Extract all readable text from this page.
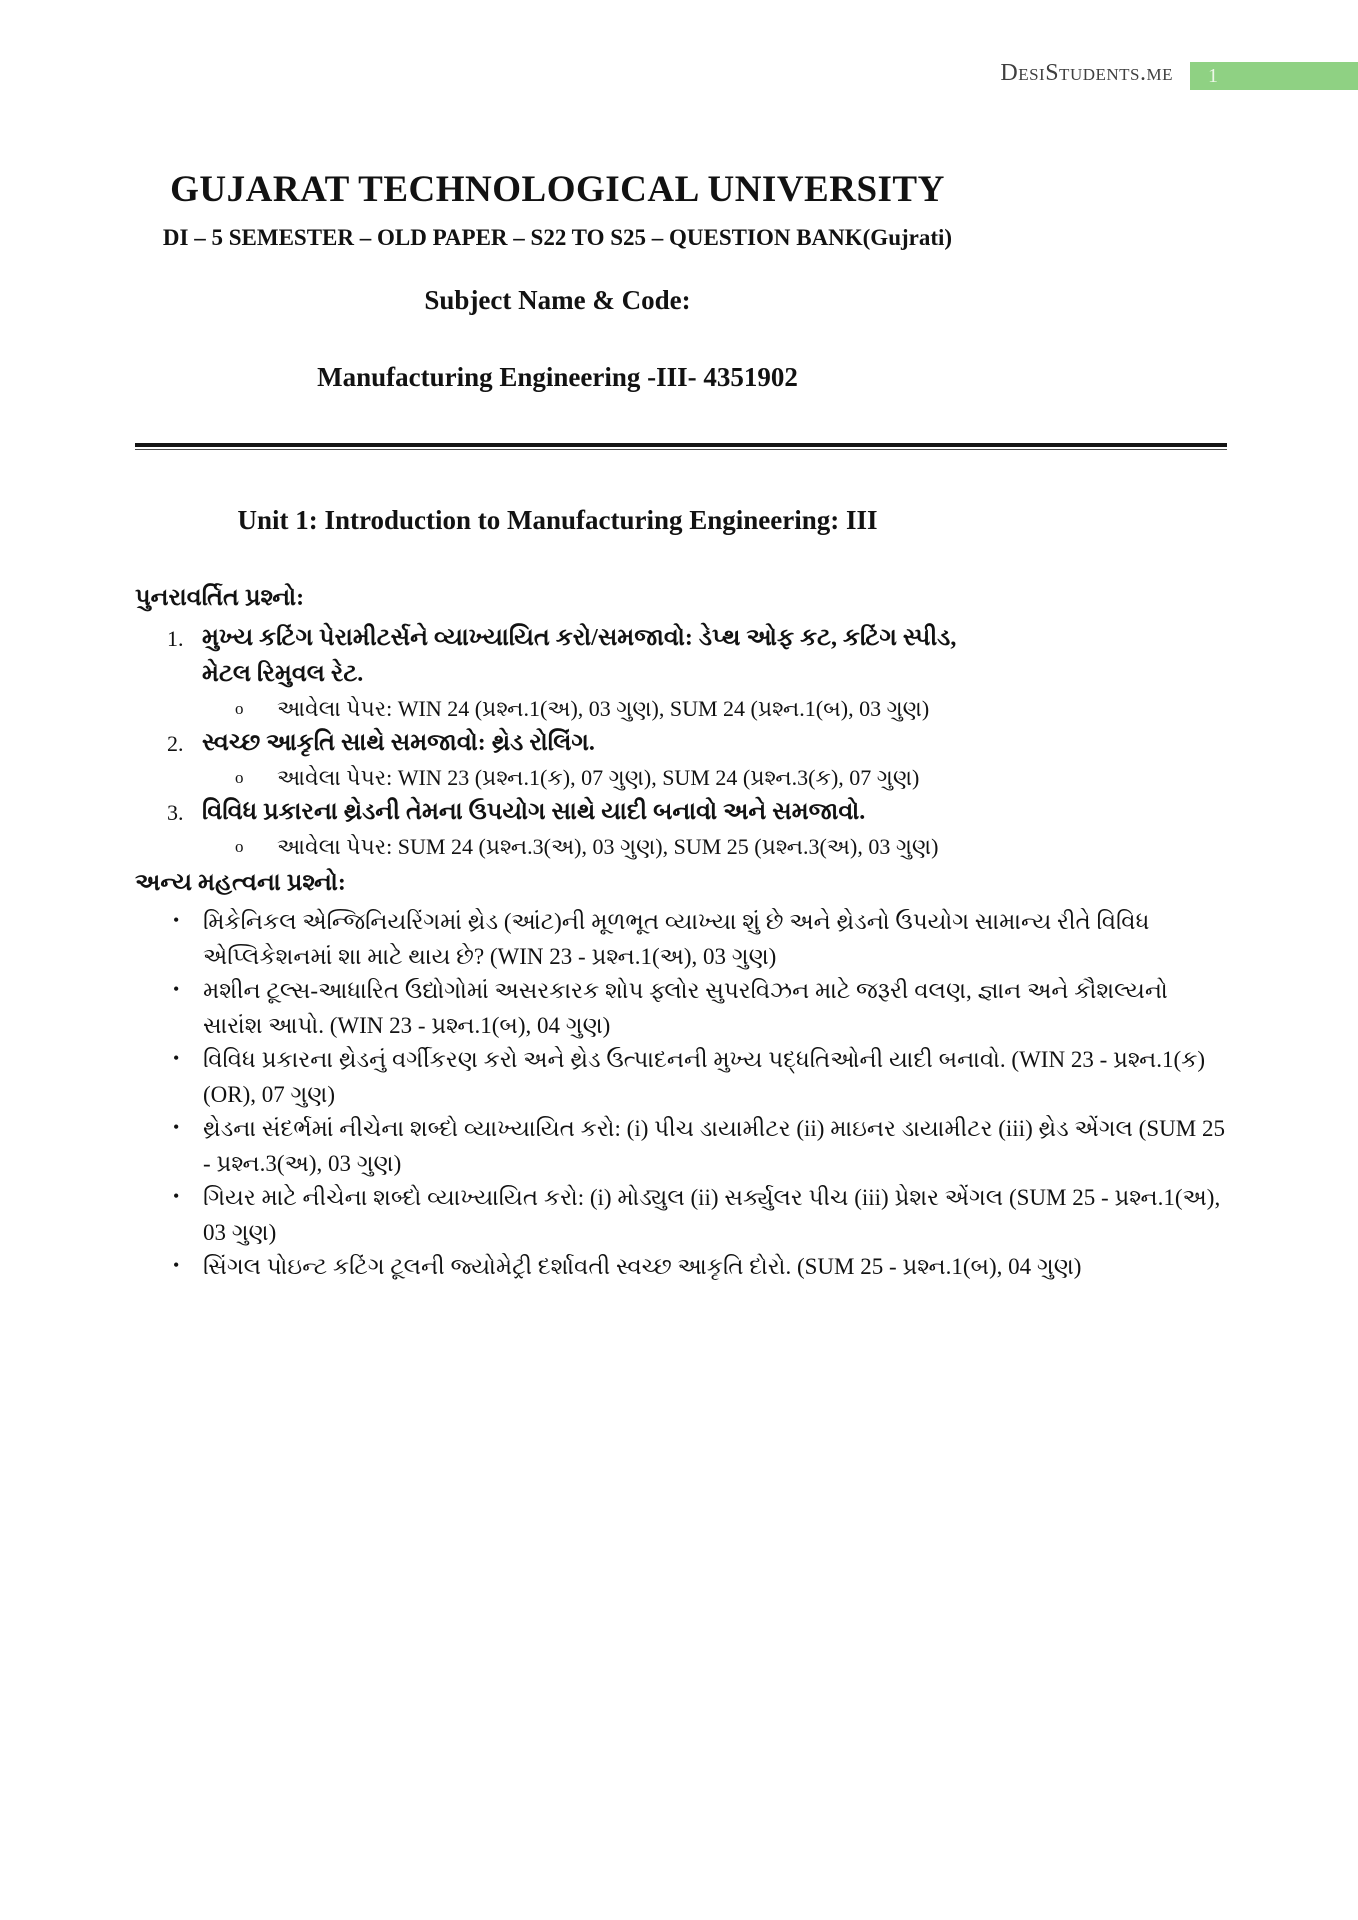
DesiStudents.me	1
GUJARAT TECHNOLOGICAL UNIVERSITY
DI – 5 SEMESTER – OLD PAPER – S22 TO S25 – QUESTION BANK(Gujrati)
Subject Name & Code:
Manufacturing Engineering -III- 4351902
Unit 1: Introduction to Manufacturing Engineering: III
પુનરાવર્તિત પ્રશ્નો:
1. મુખ્ય કટિંગ પેરામીટર્સને વ્યાખ્યાયિત કરો/સમજાવો: ડેપ્થ ઓફ કટ, કટિંગ સ્પીડ, મેટલ રિમુવલ રેટ.
o	આવેલા પેપર: WIN 24 (પ્રશ્ન.1(અ), 03 ગુણ), SUM 24 (પ્રશ્ન.1(બ), 03 ગુણ)
2. સ્વચ્છ આકૃતિ સાથે સમજાવો: થ્રેડ રોલિંગ.
o	આવેલા પેપર: WIN 23 (પ્રશ્ન.1(ક), 07 ગુણ), SUM 24 (પ્રશ્ન.3(ક), 07 ગુણ)
3. વિવિધ પ્રકારના થ્રેડની તેમના ઉપયોગ સાથે યાદી બનાવો અને સમજાવો.
o	આવેલા પેપર: SUM 24 (પ્રશ્ન.3(અ), 03 ગુણ), SUM 25 (પ્રશ્ન.3(અ), 03 ગુણ)
અન્ય મહત્વના પ્રશ્નો:
•	મિકેનિકલ એન્જિનિયરિંગમાં થ્રેડ (આંટ)ની મૂળભૂત વ્યાખ્યા શું છે અને થ્રેડનો ઉપયોગ સામાન્ય રીતે વિવિધ એપ્લિકેશનમાં શા માટે થાય છે? (WIN 23 - પ્રશ્ન.1(અ), 03 ગુણ)
•	મશીન ટૂલ્સ-આધારિત ઉદ્યોગોમાં અસરકારક શોપ ફ્લોર સુપરવિઝન માટે જરૂરી વલણ, જ્ઞાન અને કૌશલ્યનો સારાંશ આપો. (WIN 23 - પ્રશ્ન.1(બ), 04 ગુણ)
•	વિવિધ પ્રકારના થ્રેડનું વર્ગીકરણ કરો અને થ્રેડ ઉત્પાદનની મુખ્ય પદ્ધતિઓની યાદી બનાવો. (WIN 23 - પ્રશ્ન.1(ક) (OR), 07 ગુણ)
•	થ્રેડના સંદર્ભમાં નીચેના શબ્દો વ્યાખ્યાયિત કરો: (i) પીચ ડાયામીટર (ii) માઇનર ડાયામીટર (iii) થ્રેડ એંગલ (SUM 25 - પ્રશ્ન.3(અ), 03 ગુણ)
•	ગિયર માટે નીચેના શબ્દો વ્યાખ્યાયિત કરો: (i) મોડ્યુલ (ii) સર્ક્યુલર પીચ (iii) પ્રેશર એંગલ (SUM 25 - પ્રશ્ન.1(અ), 03 ગુણ)
•	સિંગલ પોઇન્ટ કટિંગ ટૂલની જ્યોમેટ્રી દર્શાવતી સ્વચ્છ આકૃતિ દોરો. (SUM 25 - પ્રશ્ન.1(બ), 04 ગુણ)
